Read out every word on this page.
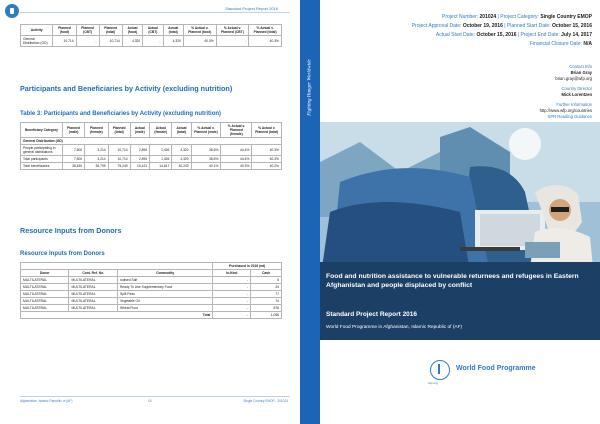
Standard Project Report 2016
Activity	Planned (food)	Planned (CBT)	Planned (total)	Actual (food)	Actual (CBT)	Actual (total)	% Actual v. Planned (food)	% Actual v. Planned (CBT)	% Actual v. Planned (total)
General Distribution (GD)	10,714	-	10,714	4,320	-	4,320	40.3%	-	40.3%
Participants and Beneficiaries by Activity (excluding nutrition)
Table 3: Participants and Beneficiaries by Activity (excluding nutrition)
Beneficiary Category	Planned (male)	Planned (female)	Planned (total)	Actual (male)	Actual (female)	Actual (total)	% Actual v. Planned (male)	% Actual v. Planned (female)	% Actual v. Planned (total)
General Distribution (GD)									
People participating in general distributions	7,500	3,214	10,714	2,894	1,426	4,320	38.6%	44.4%	40.3%
Total participants	7,500	3,214	10,714	2,894	1,426	4,320	38.6%	44.4%	40.3%
Total beneficiaries	38,450	36,799	75,249	15,421	14,817	30,240	40.1%	40.3%	40.2%
Resource Inputs from Donors
Resource Inputs from Donors
			Purchased in 2016 (mt)	
Donor	Cont. Ref. No.	Commodity	In-Kind	Cash
MULTILATERAL	MULTILATERAL	Iodised Salt	-	5
MULTILATERAL	MULTILATERAL	Ready To Use Supplementary Food	-	24
MULTILATERAL	MULTILATERAL	Split Peas	-	77
MULTILATERAL	MULTILATERAL	Vegetable Oil	-	74
MULTILATERAL	MULTILATERAL	Wheat Flour	-	876
Total			-	1,056
Afghanistan, Islamic Republic of (AF)	15	Single Country EMOP - 201024
Fighting Hunger Worldwide
Project Number: 201024 | Project Category: Single Country EMOP
Project Approval Date: October 19, 2016 | Planned Start Date: October 15, 2016
Actual Start Date: October 15, 2016 | Project End Date: July 14, 2017
Financial Closure Date: N/A
Contact Info
Brian Gray
brian.gray@wfp.org
Country Director
Mick Lorentzen
Further Information
http://www.wfp.org/countries
SPR Reading Guidance
Food and nutrition assistance to vulnerable returnees and refugees in Eastern Afghanistan and people displaced by conflict
Standard Project Report 2016
World Food Programme in Afghanistan, Islamic Republic of (AF)
World Food Programme
wfp.org
